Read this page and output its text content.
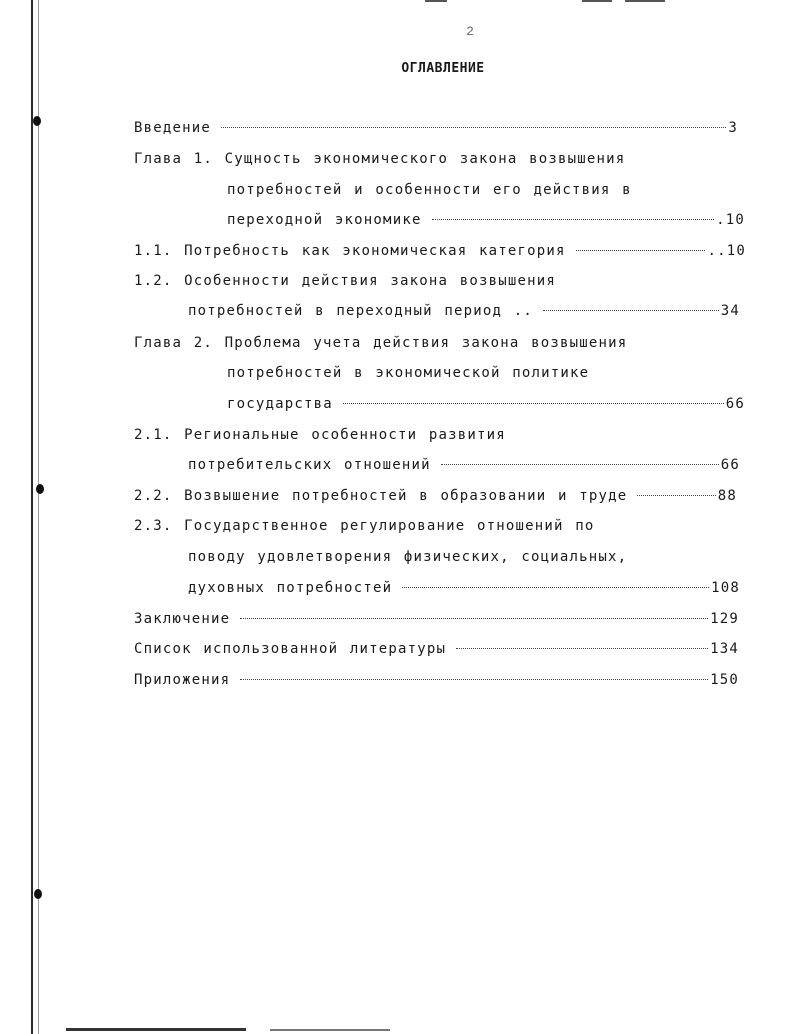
2
ОГЛАВЛЕНИЕ
Введение	3
Глава 1. Сущность экономического закона возвышения
потребностей и особенности его действия в
переходной экономике	.10
1.1. Потребность как экономическая категория	..10
1.2. Особенности действия закона возвышения
потребностей в переходный период ..	34
Глава 2. Проблема учета действия закона возвышения
потребностей в экономической политике
государства	66
2.1. Региональные особенности развития
потребительских отношений	66
2.2. Возвышение потребностей в образовании и труде	88
2.3. Государственное регулирование отношений по
поводу удовлетворения физических, социальных,
духовных потребностей	108
Заключение	129
Список использованной литературы	134
Приложения	150
